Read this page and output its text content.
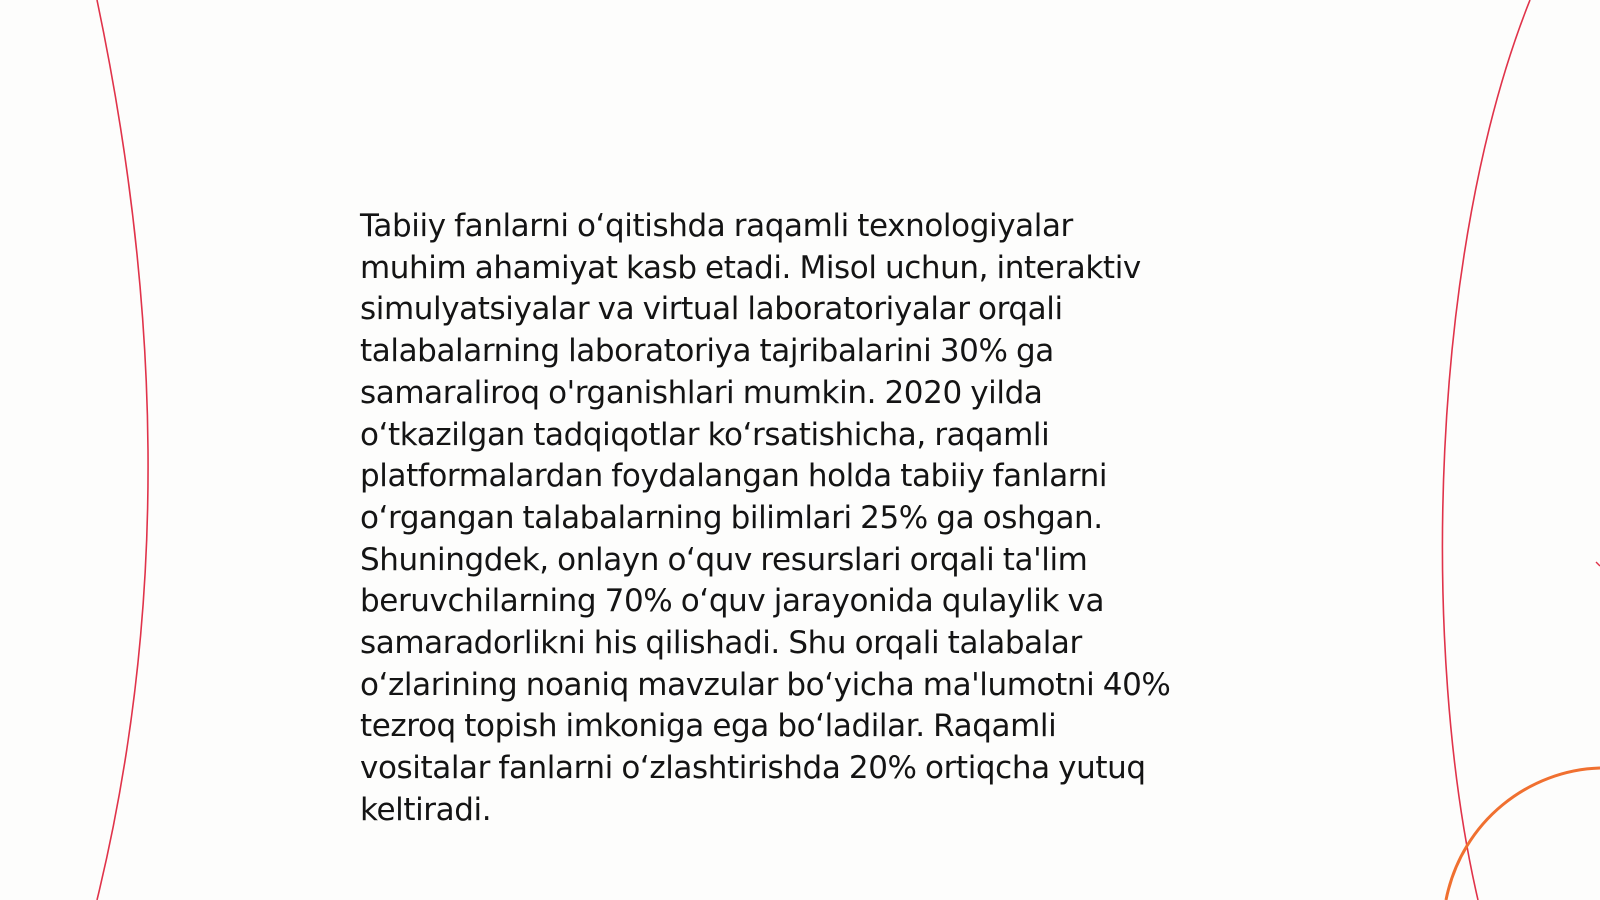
Tabiiy fanlarni o‘qitishda raqamli texnologiyalar
muhim ahamiyat kasb etadi. Misol uchun, interaktiv
simulyatsiyalar va virtual laboratoriyalar orqali
talabalarning laboratoriya tajribalarini 30% ga
samaraliroq o'rganishlari mumkin. 2020 yilda
o‘tkazilgan tadqiqotlar ko‘rsatishicha, raqamli
platformalardan foydalangan holda tabiiy fanlarni
o‘rgangan talabalarning bilimlari 25% ga oshgan.
Shuningdek, onlayn o‘quv resurslari orqali ta'lim
beruvchilarning 70% o‘quv jarayonida qulaylik va
samaradorlikni his qilishadi. Shu orqali talabalar
o‘zlarining noaniq mavzular bo‘yicha ma'lumotni 40%
tezroq topish imkoniga ega bo‘ladilar. Raqamli
vositalar fanlarni o‘zlashtirishda 20% ortiqcha yutuq
keltiradi.
